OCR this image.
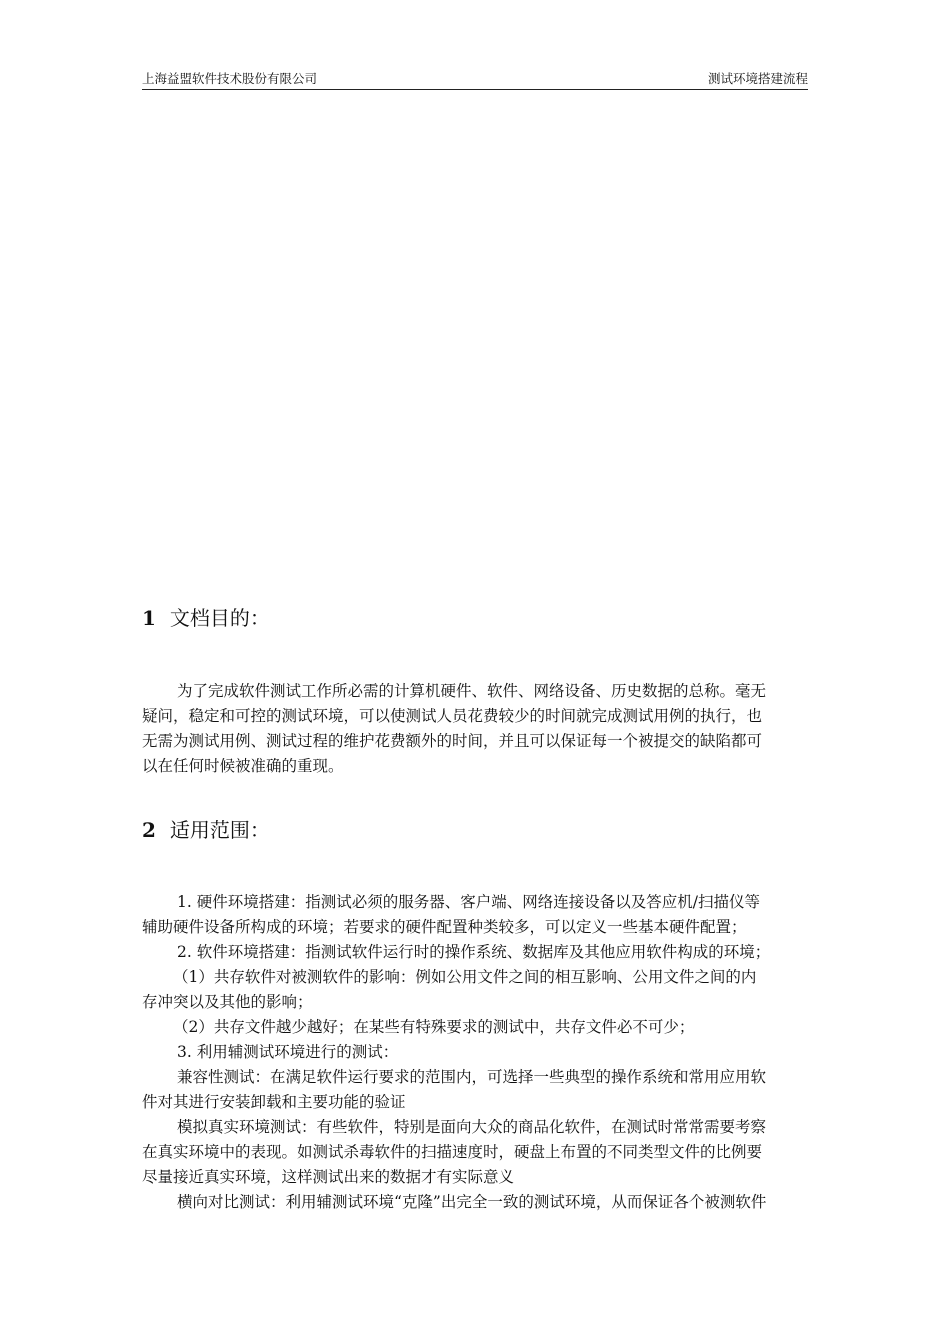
上海益盟软件技术股份有限公司	测试环境搭建流程
1 文档目的：
为了完成软件测试工作所必需的计算机硬件、软件、网络设备、历史数据的总称。毫无
疑问，稳定和可控的测试环境，可以使测试人员花费较少的时间就完成测试用例的执行，也
无需为测试用例、测试过程的维护花费额外的时间，并且可以保证每一个被提交的缺陷都可
以在任何时候被准确的重现。
2 适用范围：
1. 硬件环境搭建：指测试必须的服务器、客户端、网络连接设备以及答应机/扫描仪等
辅助硬件设备所构成的环境；若要求的硬件配置种类较多，可以定义一些基本硬件配置；
2. 软件环境搭建：指测试软件运行时的操作系统、数据库及其他应用软件构成的环境；
（1）共存软件对被测软件的影响：例如公用文件之间的相互影响、公用文件之间的内
存冲突以及其他的影响；
（2）共存文件越少越好；在某些有特殊要求的测试中，共存文件必不可少；
3. 利用辅测试环境进行的测试：
兼容性测试：在满足软件运行要求的范围内，可选择一些典型的操作系统和常用应用软
件对其进行安装卸载和主要功能的验证
模拟真实环境测试：有些软件，特别是面向大众的商品化软件，在测试时常常需要考察
在真实环境中的表现。如测试杀毒软件的扫描速度时，硬盘上布置的不同类型文件的比例要
尽量接近真实环境，这样测试出来的数据才有实际意义
横向对比测试：利用辅测试环境“克隆”出完全一致的测试环境，从而保证各个被测软件
